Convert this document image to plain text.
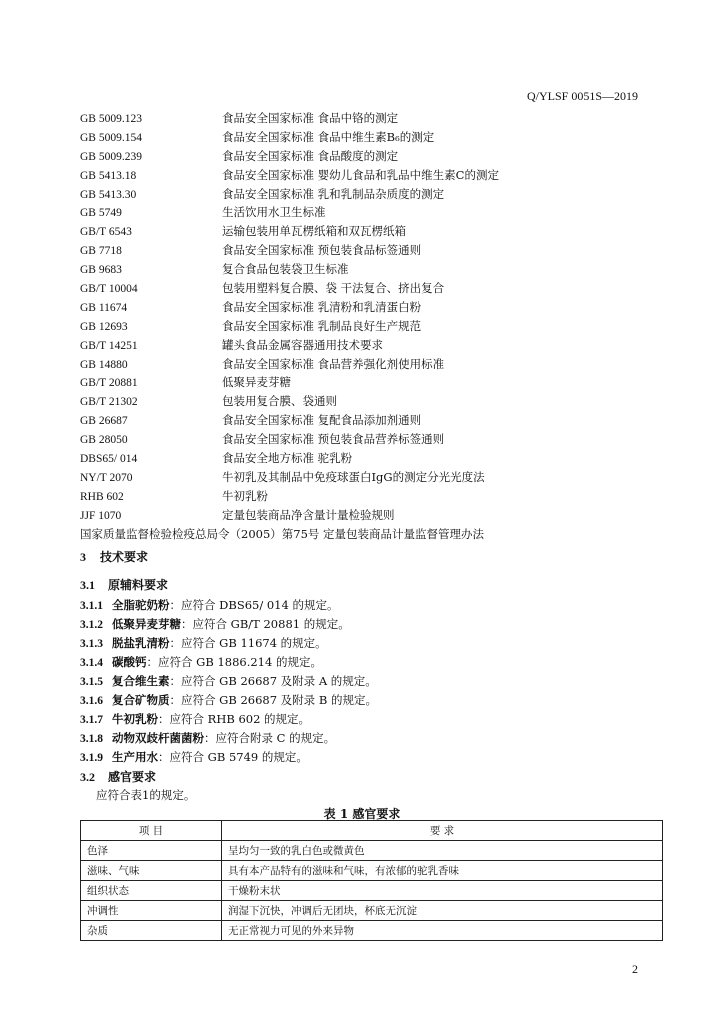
Q/YLSF 0051S—2019
GB 5009.123	食品安全国家标准 食品中铬的测定
GB 5009.154	食品安全国家标准 食品中维生素B₆的测定
GB 5009.239	食品安全国家标准 食品酸度的测定
GB 5413.18	食品安全国家标准 婴幼儿食品和乳品中维生素C的测定
GB 5413.30	食品安全国家标准 乳和乳制品杂质度的测定
GB 5749	生活饮用水卫生标准
GB/T 6543	运输包装用单瓦楞纸箱和双瓦楞纸箱
GB 7718	食品安全国家标准 预包装食品标签通则
GB 9683	复合食品包装袋卫生标准
GB/T 10004	包装用塑料复合膜、袋 干法复合、挤出复合
GB 11674	食品安全国家标准 乳清粉和乳清蛋白粉
GB 12693	食品安全国家标准 乳制品良好生产规范
GB/T 14251	罐头食品金属容器通用技术要求
GB 14880	食品安全国家标准 食品营养强化剂使用标准
GB/T 20881	低聚异麦芽糖
GB/T 21302	包装用复合膜、袋通则
GB 26687	食品安全国家标准 复配食品添加剂通则
GB 28050	食品安全国家标准 预包装食品营养标签通则
DBS65/ 014	食品安全地方标准 驼乳粉
NY/T 2070	牛初乳及其制品中免疫球蛋白IgG的测定分光光度法
RHB 602	牛初乳粉
JJF 1070	定量包装商品净含量计量检验规则
国家质量监督检验检疫总局令（2005）第75号 定量包装商品计量监督管理办法
3 技术要求
3.1 原辅料要求
3.1.1 全脂驼奶粉：应符合 DBS65/ 014 的规定。
3.1.2 低聚异麦芽糖：应符合 GB/T 20881 的规定。
3.1.3 脱盐乳清粉：应符合 GB 11674 的规定。
3.1.4 碳酸钙：应符合 GB 1886.214 的规定。
3.1.5 复合维生素：应符合 GB 26687 及附录 A 的规定。
3.1.6 复合矿物质：应符合 GB 26687 及附录 B 的规定。
3.1.7 牛初乳粉：应符合 RHB 602 的规定。
3.1.8 动物双歧杆菌菌粉：应符合附录 C 的规定。
3.1.9 生产用水：应符合 GB 5749 的规定。
3.2 感官要求
应符合表1的规定。
表 1 感官要求
项 目	要 求
色泽	呈均匀一致的乳白色或微黄色
滋味、气味	具有本产品特有的滋味和气味，有浓郁的驼乳香味
组织状态	干燥粉末状
冲调性	润湿下沉快，冲调后无团块，杯底无沉淀
杂质	无正常视力可见的外来异物
2
